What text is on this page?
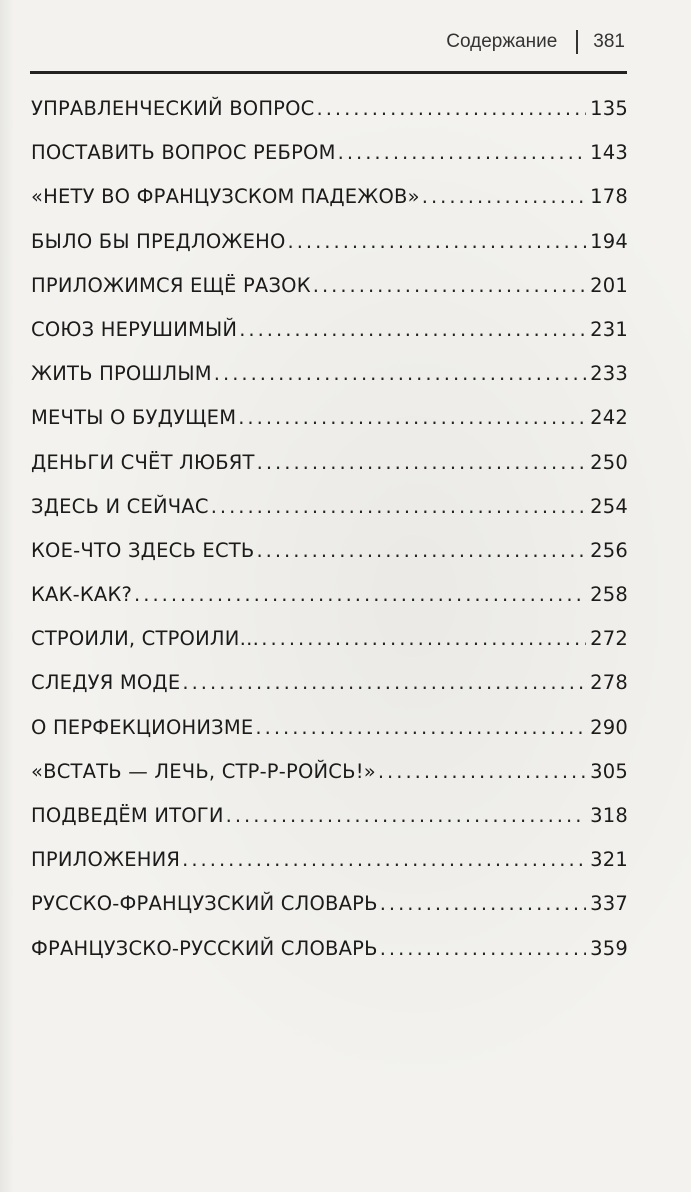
Содержание 381
УПРАВЛЕНЧЕСКИЙ ВОПРОС .....	135
ПОСТАВИТЬ ВОПРОС РЕБРОМ .....	143
«НЕТУ ВО ФРАНЦУЗСКОМ ПАДЕЖОВ» .....	178
БЫЛО БЫ ПРЕДЛОЖЕНО .....	194
ПРИЛОЖИМСЯ ЕЩЁ РАЗОК .....	201
СОЮЗ НЕРУШИМЫЙ .....	231
ЖИТЬ ПРОШЛЫМ .....	233
МЕЧТЫ О БУДУЩЕМ .....	242
ДЕНЬГИ СЧЁТ ЛЮБЯТ .....	250
ЗДЕСЬ И СЕЙЧАС .....	254
КОЕ-ЧТО ЗДЕСЬ ЕСТЬ .....	256
КАК-КАК? .....	258
СТРОИЛИ, СТРОИЛИ… .....	272
СЛЕДУЯ МОДЕ .....	278
О ПЕРФЕКЦИОНИЗМЕ .....	290
«ВСТАТЬ — ЛЕЧЬ, СТР-Р-РОЙСЬ!» .....	305
ПОДВЕДЁМ ИТОГИ .....	318
ПРИЛОЖЕНИЯ .....	321
РУССКО-ФРАНЦУЗСКИЙ СЛОВАРЬ .....	337
ФРАНЦУЗСКО-РУССКИЙ СЛОВАРЬ .....	359
